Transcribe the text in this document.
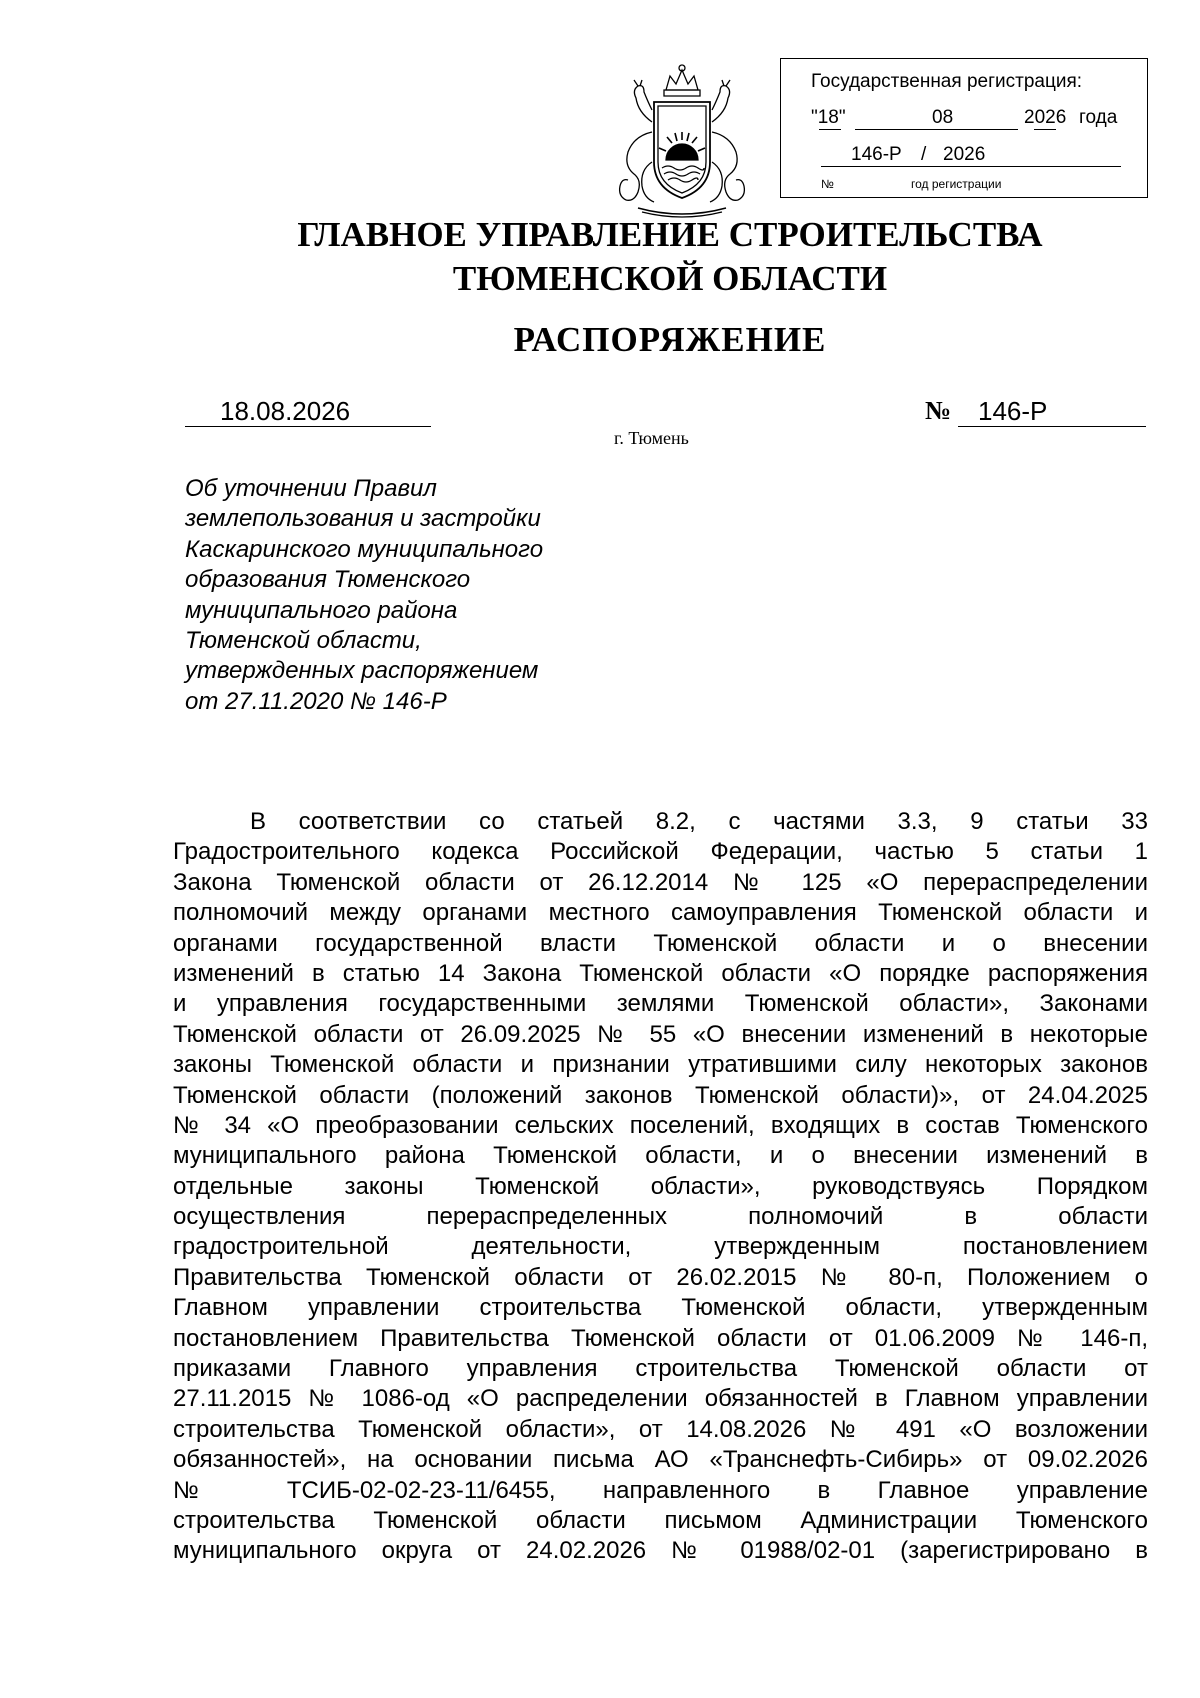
Государственная регистрация:
"18"	08	2026 года
146-Р / 2026
№	год регистрации
ГЛАВНОЕ УПРАВЛЕНИЕ СТРОИТЕЛЬСТВА
ТЮМЕНСКОЙ ОБЛАСТИ
РАСПОРЯЖЕНИЕ
18.08.2026	№ 146-Р
г. Тюмень
Об уточнении Правил
землепользования и застройки
Каскаринского муниципального
образования Тюменского
муниципального района
Тюменской области,
утвержденных распоряжением
от 27.11.2020 № 146-Р
В соответствии со статьей 8.2, с частями 3.3, 9 статьи 33
Градостроительного кодекса Российской Федерации, частью 5 статьи 1
Закона Тюменской области от 26.12.2014 № 125 «О перераспределении
полномочий между органами местного самоуправления Тюменской области и
органами государственной власти Тюменской области и о внесении
изменений в статью 14 Закона Тюменской области «О порядке распоряжения
и управления государственными землями Тюменской области», Законами
Тюменской области от 26.09.2025 № 55 «О внесении изменений в некоторые
законы Тюменской области и признании утратившими силу некоторых законов
Тюменской области (положений законов Тюменской области)», от 24.04.2025
№ 34 «О преобразовании сельских поселений, входящих в состав Тюменского
муниципального района Тюменской области, и о внесении изменений в
отдельные законы Тюменской области», руководствуясь Порядком
осуществления перераспределенных полномочий в области
градостроительной деятельности, утвержденным постановлением
Правительства Тюменской области от 26.02.2015 № 80-п, Положением о
Главном управлении строительства Тюменской области, утвержденным
постановлением Правительства Тюменской области от 01.06.2009 № 146-п,
приказами Главного управления строительства Тюменской области от
27.11.2015 № 1086-од «О распределении обязанностей в Главном управлении
строительства Тюменской области», от 14.08.2026 № 491 «О возложении
обязанностей», на основании письма АО «Транснефть-Сибирь» от 09.02.2026
№ ТСИБ-02-02-23-11/6455, направленного в Главное управление
строительства Тюменской области письмом Администрации Тюменского
муниципального округа от 24.02.2026 № 01988/02-01 (зарегистрировано в
